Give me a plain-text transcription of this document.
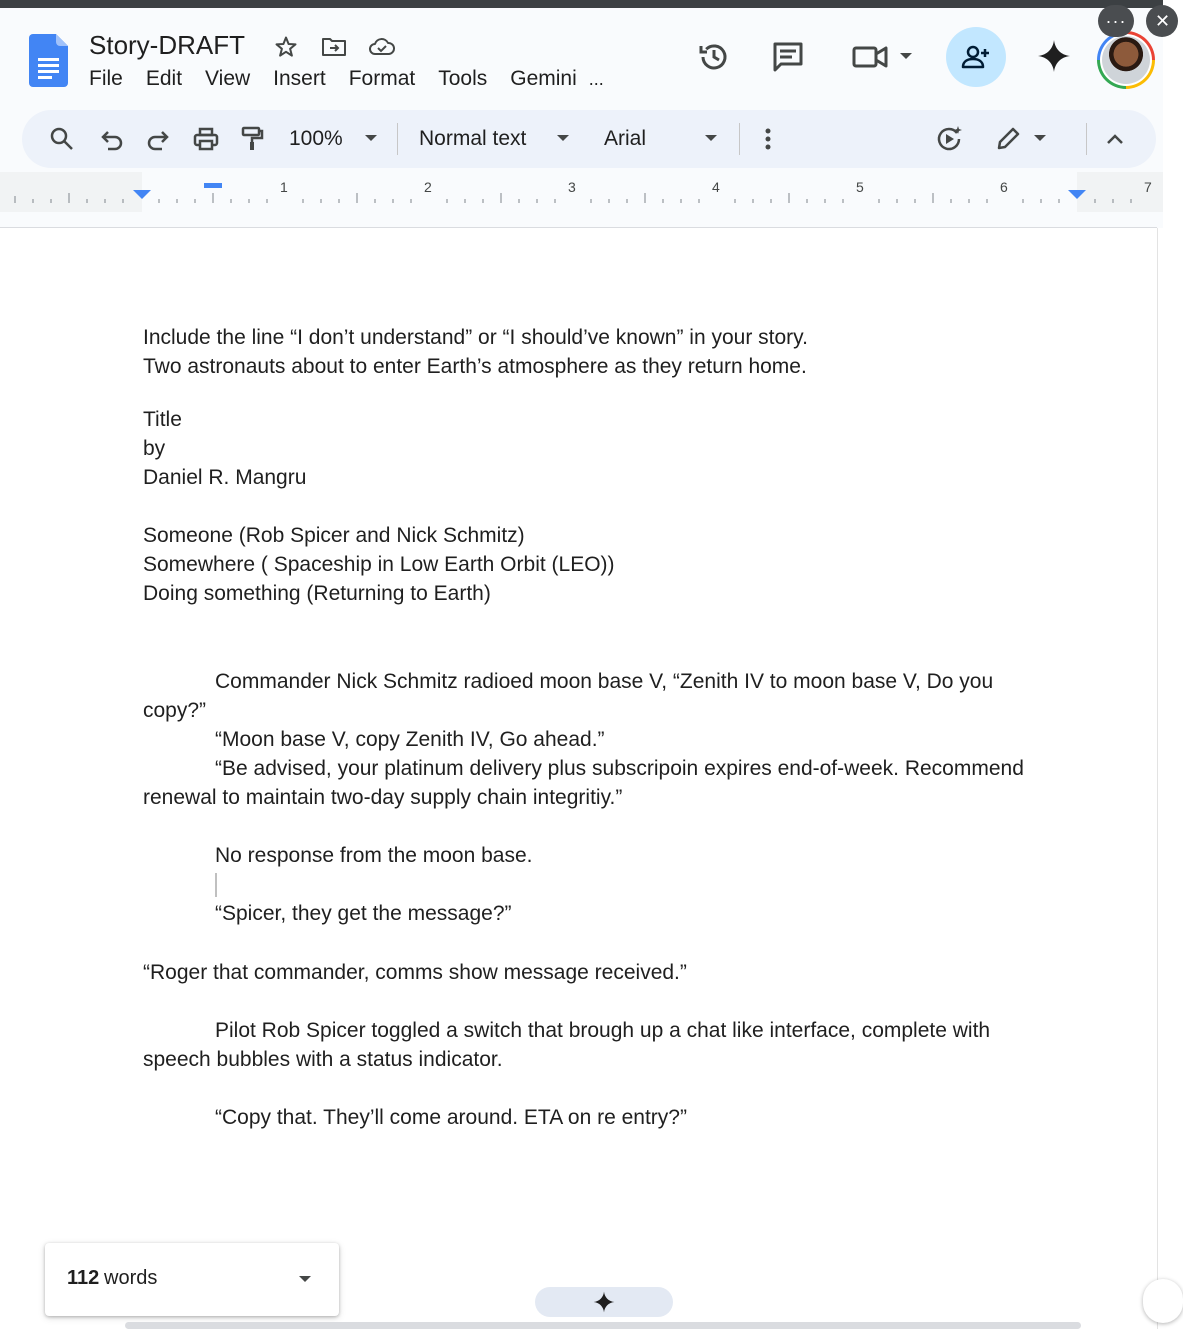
Story-DRAFT
File Edit View Insert Format Tools Gemini ...
···	✕
100%	Normal text	Arial
1	2	3	4	5	6	7
Include the line “I don’t understand” or “I should’ve known” in your story.
Two astronauts about to enter Earth’s atmosphere as they return home.
Title
by
Daniel R. Mangru
Someone (Rob Spicer and Nick Schmitz)
Somewhere ( Spaceship in Low Earth Orbit (LEO))
Doing something (Returning to Earth)
Commander Nick Schmitz radioed moon base V, “Zenith IV to moon base V, Do you
copy?”
“Moon base V, copy Zenith IV, Go ahead.”
“Be advised, your platinum delivery plus subscripoin expires end-of-week. Recommend
renewal to maintain two-day supply chain integritiy.”
No response from the moon base.
“Spicer, they get the message?”
“Roger that commander, comms show message received.”
Pilot Rob Spicer toggled a switch that brough up a chat like interface, complete with
speech bubbles with a status indicator.
“Copy that. They’ll come around. ETA on re entry?”
112 words
